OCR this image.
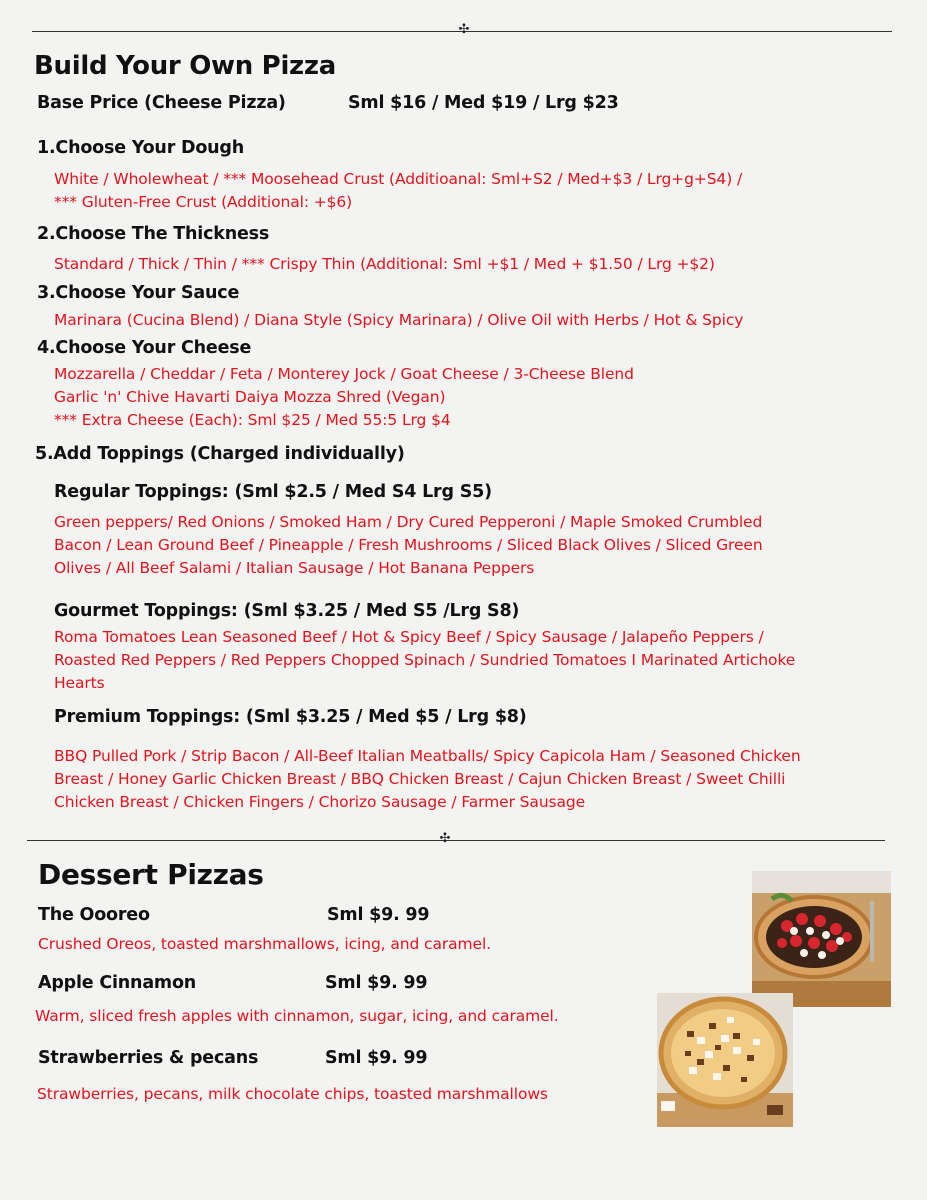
✣
Build Your Own Pizza
Base Price (Cheese Pizza)	Sml $16 / Med $19 / Lrg $23
1.Choose Your Dough
White / Wholewheat / *** Moosehead Crust (Additioanal: Sml+S2 / Med+$3 / Lrg+g+S4) /
*** Gluten-Free Crust (Additional: +$6)
2.Choose The Thickness
Standard / Thick / Thin / *** Crispy Thin (Additional: Sml +$1 / Med + $1.50 / Lrg +$2)
3.Choose Your Sauce
Marinara (Cucina Blend) / Diana Style (Spicy Marinara) / Olive Oil with Herbs / Hot & Spicy
4.Choose Your Cheese
Mozzarella / Cheddar / Feta / Monterey Jock / Goat Cheese / 3-Cheese Blend
Garlic 'n' Chive Havarti Daiya Mozza Shred (Vegan)
*** Extra Cheese (Each): Sml $25 / Med 55:5 Lrg $4
5.Add Toppings (Charged individually)
Regular Toppings: (Sml $2.5 / Med S4 Lrg S5)
Green peppers/ Red Onions / Smoked Ham / Dry Cured Pepperoni / Maple Smoked Crumbled
Bacon / Lean Ground Beef / Pineapple / Fresh Mushrooms / Sliced Black Olives / Sliced Green
Olives / All Beef Salami / Italian Sausage / Hot Banana Peppers
Gourmet Toppings: (Sml $3.25 / Med S5 /Lrg S8)
Roma Tomatoes Lean Seasoned Beef / Hot & Spicy Beef / Spicy Sausage / Jalapeño Peppers /
Roasted Red Peppers / Red Peppers Chopped Spinach / Sundried Tomatoes I Marinated Artichoke
Hearts
Premium Toppings: (Sml $3.25 / Med $5 / Lrg $8)
BBQ Pulled Pork / Strip Bacon / All-Beef Italian Meatballs/ Spicy Capicola Ham / Seasoned Chicken
Breast / Honey Garlic Chicken Breast / BBQ Chicken Breast / Cajun Chicken Breast / Sweet Chilli
Chicken Breast / Chicken Fingers / Chorizo Sausage / Farmer Sausage
✣
Dessert Pizzas
The Oooreo	Sml $9. 99
Crushed Oreos, toasted marshmallows, icing, and caramel.
Apple Cinnamon	Sml $9. 99
Warm, sliced fresh apples with cinnamon, sugar, icing, and caramel.
Strawberries & pecans	Sml $9. 99
Strawberries, pecans, milk chocolate chips, toasted marshmallows
